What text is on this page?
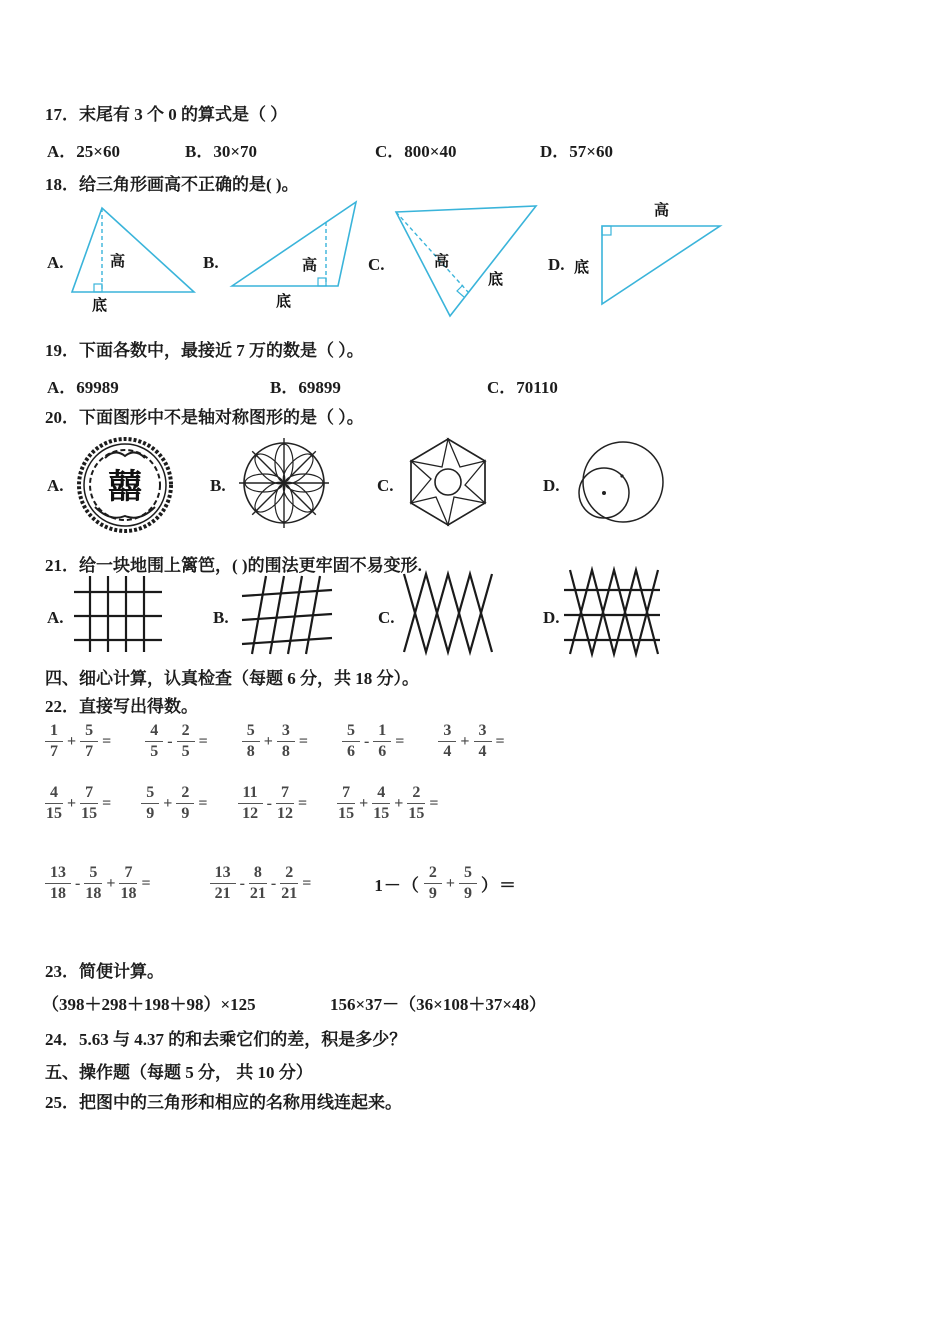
17．末尾有 3 个 0 的算式是（ ）
A．25×60	B．30×70	C．800×40	D．57×60
18．给三角形画高不正确的是( )。
A.	高
底
B.	高
底
C.	高
底
D.
高
底
19．下面各数中，最接近 7 万的数是（ ）。
A．69989	B．69899	C．70110
20．下面图形中不是轴对称图形的是（ ）。
A. 囍	B.	C.	D.
21．给一块地围上篱笆，( )的围法更牢固不易变形.
A.	B.	C.	D.
四、细心计算，认真检查（每题 6 分，共 18 分）。
22．直接写出得数。
$\frac{1}{7} + \frac{5}{7} = \frac{4}{5} - \frac{2}{5} = \frac{5}{8} + \frac{3}{8} = \frac{5}{6} - \frac{1}{6} = \frac{3}{4} + \frac{3}{4}$ =
$\frac{4}{15} + \frac{7}{15} = \frac{5}{9} + \frac{2}{9} = \frac{11}{12} - \frac{7}{12} = \frac{7}{15} + \frac{4}{15} + \frac{2}{15}$ =
$\frac{13}{18} - \frac{5}{18} + \frac{7}{18}$ =	$\frac{13}{21} - \frac{8}{21} - \frac{2}{21}$ =	$1-( \frac{2}{9} + \frac{5}{9}$ ）＝
23．简便计算。
（398＋298＋198＋98）×125	156×37－（36×108＋37×48）
24．5.63 与 4.37 的和去乘它们的差，积是多少？
五、操作题（每题 5 分， 共 10 分）
25．把图中的三角形和相应的名称用线连起来。
